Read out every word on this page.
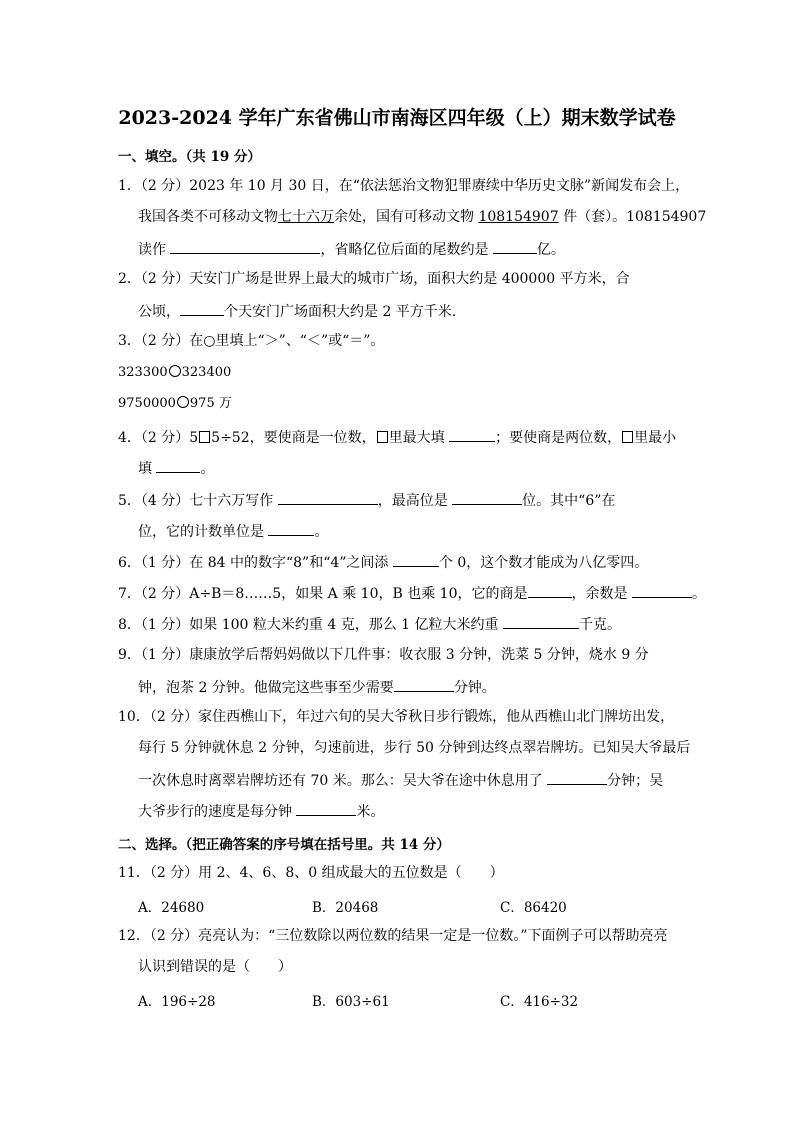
2023-2024 学年广东省佛山市南海区四年级（上）期末数学试卷
一、填空。（共 19 分）
1．（2 分）2023 年 10 月 30 日，在“依法惩治文物犯罪赓续中华历史文脉”新闻发布会上，
我国各类不可移动文物七十六万余处，国有可移动文物 108154907 件（套）。108154907
读作	，省略亿位后面的尾数约是	亿。
2．（2 分）天安门广场是世界上最大的城市广场，面积大约是 400000 平方米，合
公顷，	个天安门广场面积大约是 2 平方千米.
3．（2 分）在○里填上“＞”、“＜”或“＝”。
323300 323400
9750000 975 万
4．（2 分）5 5÷52，要使商是一位数， 里最大填	；要使商是两位数， 里最小
填	。
5．（4 分）七十六万写作	，最高位是	位。其中“6”在
位，它的计数单位是	。
6．（1 分）在 84 中的数字“8”和“4”之间添	个 0，这个数才能成为八亿零四。
7．（2 分）A÷B＝8……5，如果 A 乘 10，B 也乘 10，它的商是	，余数是	。
8．（1 分）如果 100 粒大米约重 4 克，那么 1 亿粒大米约重	千克。
9．（1 分）康康放学后帮妈妈做以下几件事：收衣服 3 分钟，洗菜 5 分钟，烧水 9 分
钟，泡茶 2 分钟。他做完这些事至少需要	分钟。
10．（2 分）家住西樵山下，年过六旬的吴大爷秋日步行锻炼，他从西樵山北门牌坊出发，
每行 5 分钟就休息 2 分钟，匀速前进，步行 50 分钟到达终点翠岩牌坊。已知吴大爷最后
一次休息时离翠岩牌坊还有 70 米。那么：吴大爷在途中休息用了	分钟；吴
大爷步行的速度是每分钟	米。
二、选择。（把正确答案的序号填在括号里。共 14 分）
11．（2 分）用 2、4、6、8、0 组成最大的五位数是（　　）
A．24680	B．20468	C．86420
12．（2 分）亮亮认为：“三位数除以两位数的结果一定是一位数。”下面例子可以帮助亮亮
认识到错误的是（　　）
A．196÷28	B．603÷61	C．416÷32
